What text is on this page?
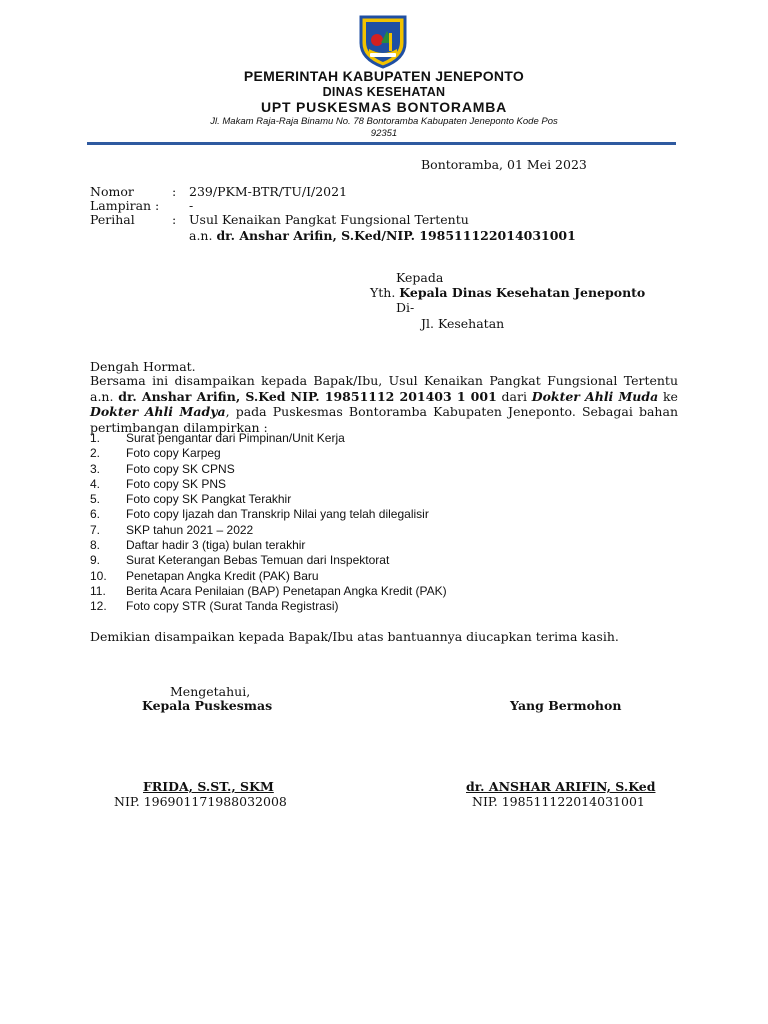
PEMERINTAH KABUPATEN JENEPONTO
DINAS KESEHATAN
UPT PUSKESMAS BONTORAMBA
Jl. Makam Raja-Raja Binamu No. 78 Bontoramba Kabupaten Jeneponto Kode Pos
92351
Bontoramba, 01 Mei 2023
Nomor	: 239/PKM-BTR/TU/I/2021
Lampiran : -
Perihal	: Usul Kenaikan Pangkat Fungsional Tertentu
a.n. dr. Anshar Arifin, S.Ked/NIP. 198511122014031001
Kepada
Yth. Kepala Dinas Kesehatan Jeneponto
Di-
Jl. Kesehatan
Dengah Hormat.

Bersama ini disampaikan kepada Bapak/Ibu, Usul Kenaikan Pangkat Fungsional Tertentu a.n. dr. Anshar Arifin, S.Ked NIP. 19851112 201403 1 001 dari Dokter Ahli Muda ke Dokter Ahli Madya, pada Puskesmas Bontoramba Kabupaten Jeneponto. Sebagai bahan pertimbangan dilampirkan :

1. Surat pengantar dari Pimpinan/Unit Kerja
2. Foto copy Karpeg
3. Foto copy SK CPNS
4. Foto copy SK PNS
5. Foto copy SK Pangkat Terakhir
6. Foto copy Ijazah dan Transkrip Nilai yang telah dilegalisir
7. SKP tahun 2021 – 2022
8. Daftar hadir 3 (tiga) bulan terakhir
9. Surat Keterangan Bebas Temuan dari Inspektorat
10. Penetapan Angka Kredit (PAK) Baru
11. Berita Acara Penilaian (BAP) Penetapan Angka Kredit (PAK)
12. Foto copy STR (Surat Tanda Registrasi)
Demikian disampaikan kepada Bapak/Ibu atas bantuannya diucapkan terima kasih.
Mengetahui,
Kepala Puskesmas	Yang Bermohon
FRIDA, S.ST., SKM
NIP. 196901171988032008
dr. ANSHAR ARIFIN, S.Ked
NIP. 198511122014031001
